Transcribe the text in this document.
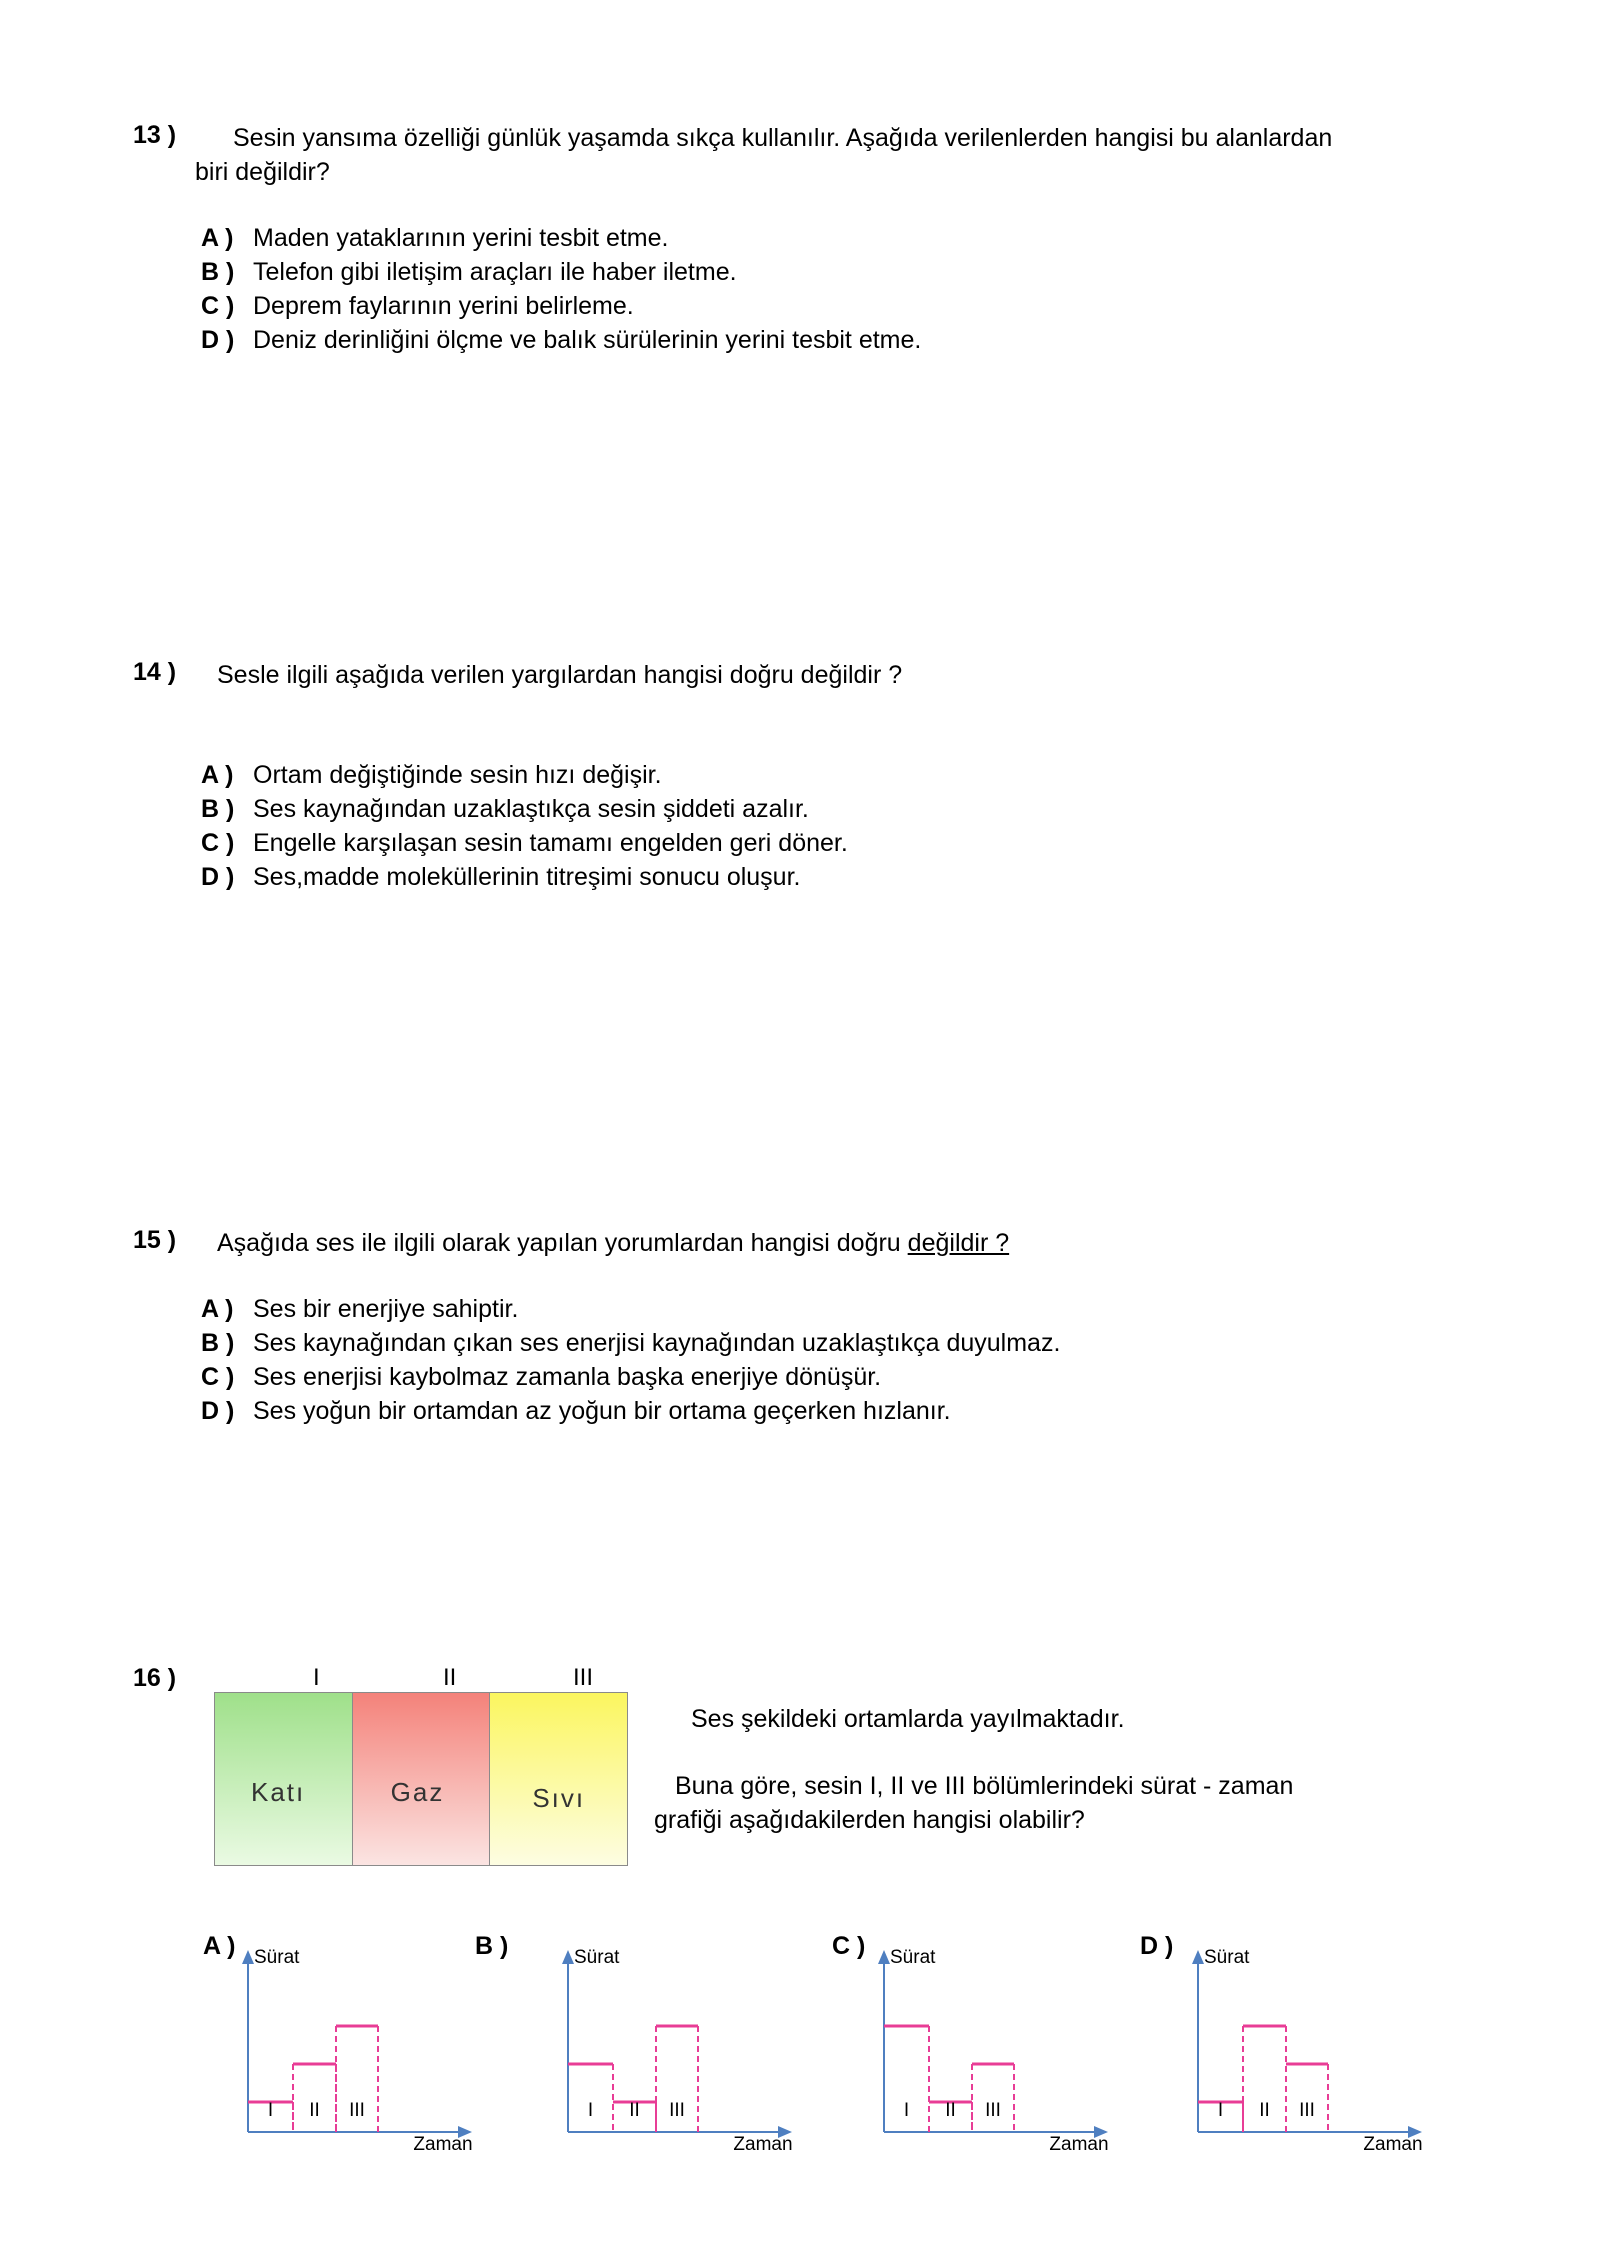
13 ) Sesin yansıma özelliği günlük yaşamda sıkça kullanılır. Aşağıda verilenlerden hangisi bu alanlardan
biri değildir?
A ) Maden yataklarının yerini tesbit etme.
B ) Telefon gibi iletişim araçları ile haber iletme.
C ) Deprem faylarının yerini belirleme.
D ) Deniz derinliğini ölçme ve balık sürülerinin yerini tesbit etme.
14 ) Sesle ilgili aşağıda verilen yargılardan hangisi doğru değildir ?
A ) Ortam değiştiğinde sesin hızı değişir.
B ) Ses kaynağından uzaklaştıkça sesin şiddeti azalır.
C ) Engelle karşılaşan sesin tamamı engelden geri döner.
D ) Ses,madde moleküllerinin titreşimi sonucu oluşur.
15 ) Aşağıda ses ile ilgili olarak yapılan yorumlardan hangisi doğru değildir ?
A ) Ses bir enerjiye sahiptir.
B ) Ses kaynağından çıkan ses enerjisi kaynağından uzaklaştıkça duyulmaz.
C ) Ses enerjisi kaybolmaz zamanla başka enerjiye dönüşür.
D ) Ses yoğun bir ortamdan az yoğun bir ortama geçerken hızlanır.
16 )	I	II	III
Katı	Gaz	Sıvı
Ses şekildeki ortamlarda yayılmaktadır.
Buna göre, sesin I, II ve III bölümlerindeki sürat - zaman
grafiği aşağıdakilerden hangisi olabilir?
A )	B )	C )	D )
Sürat
Zaman
I II III
Sürat
Zaman
I II III
Sürat
Zaman
I II III
Sürat
Zaman
I II III
